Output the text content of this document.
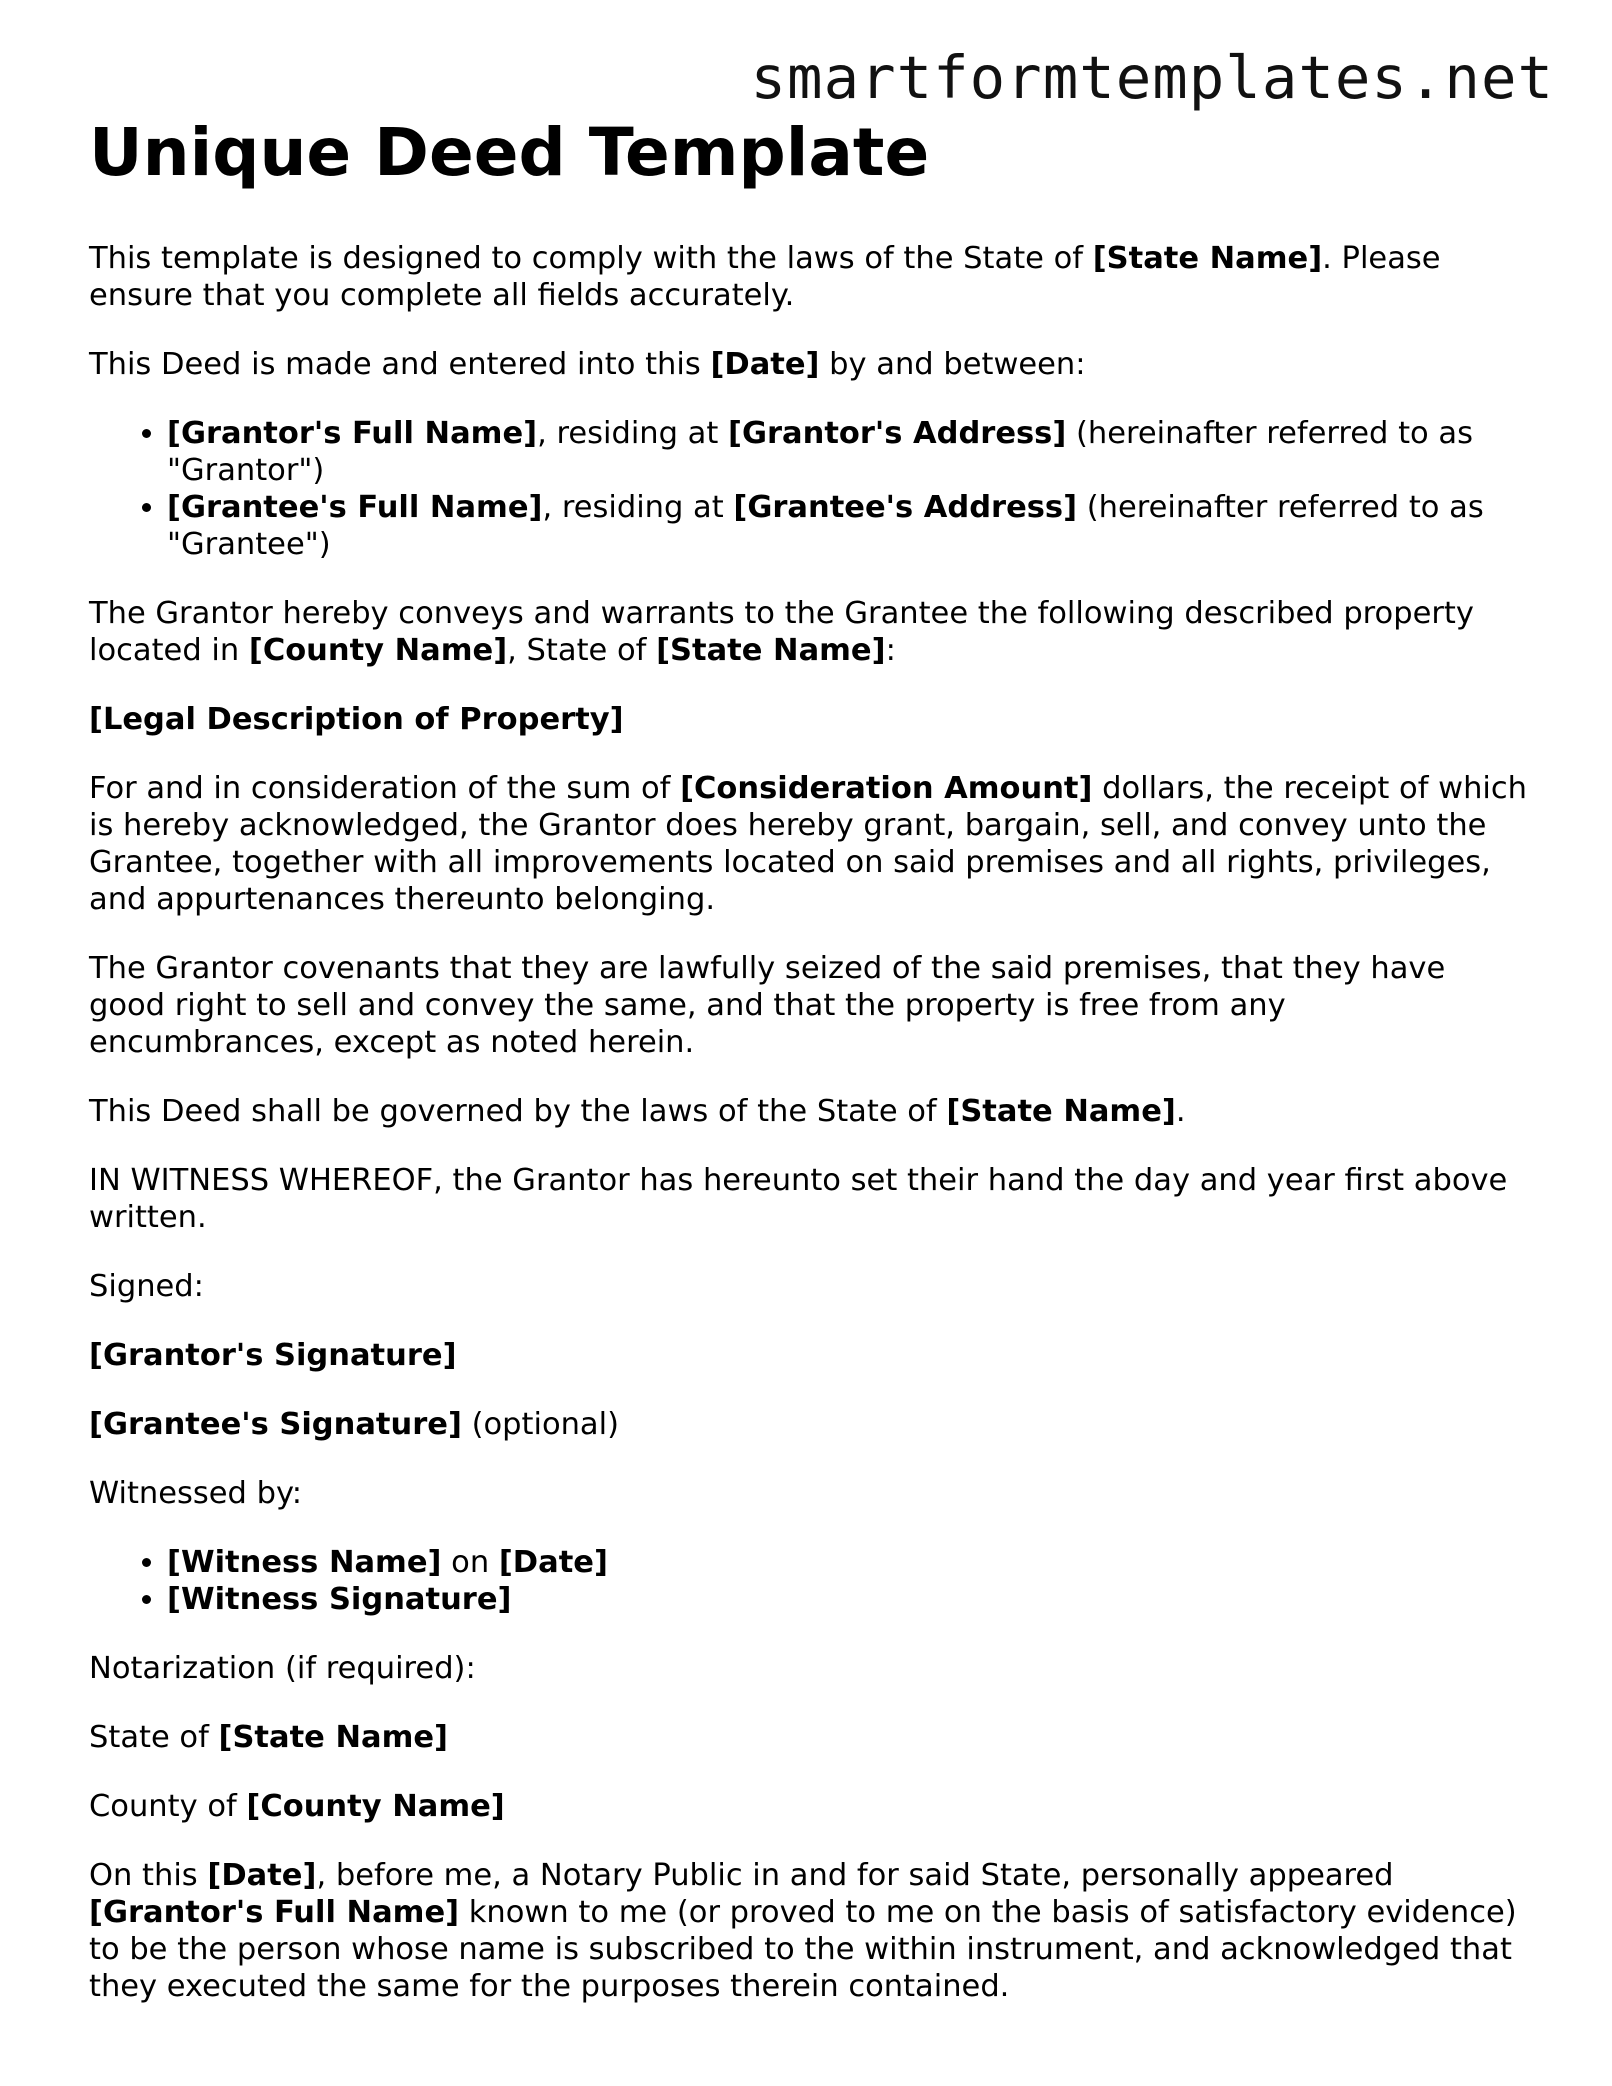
smartformtemplates.net
Unique Deed Template

This template is designed to comply with the laws of the State of [State Name]. Please ensure that you complete all fields accurately.

This Deed is made and entered into this [Date] by and between:

• [Grantor's Full Name], residing at [Grantor's Address] (hereinafter referred to as "Grantor")
• [Grantee's Full Name], residing at [Grantee's Address] (hereinafter referred to as "Grantee")

The Grantor hereby conveys and warrants to the Grantee the following described property located in [County Name], State of [State Name]:

[Legal Description of Property]

For and in consideration of the sum of [Consideration Amount] dollars, the receipt of which is hereby acknowledged, the Grantor does hereby grant, bargain, sell, and convey unto the Grantee, together with all improvements located on said premises and all rights, privileges, and appurtenances thereunto belonging.

The Grantor covenants that they are lawfully seized of the said premises, that they have good right to sell and convey the same, and that the property is free from any encumbrances, except as noted herein.

This Deed shall be governed by the laws of the State of [State Name].

IN WITNESS WHEREOF, the Grantor has hereunto set their hand the day and year first above written.

Signed:

[Grantor's Signature]

[Grantee's Signature] (optional)

Witnessed by:

• [Witness Name] on [Date]
• [Witness Signature]

Notarization (if required):

State of [State Name]

County of [County Name]

On this [Date], before me, a Notary Public in and for said State, personally appeared [Grantor's Full Name] known to me (or proved to me on the basis of satisfactory evidence) to be the person whose name is subscribed to the within instrument, and acknowledged that they executed the same for the purposes therein contained.
